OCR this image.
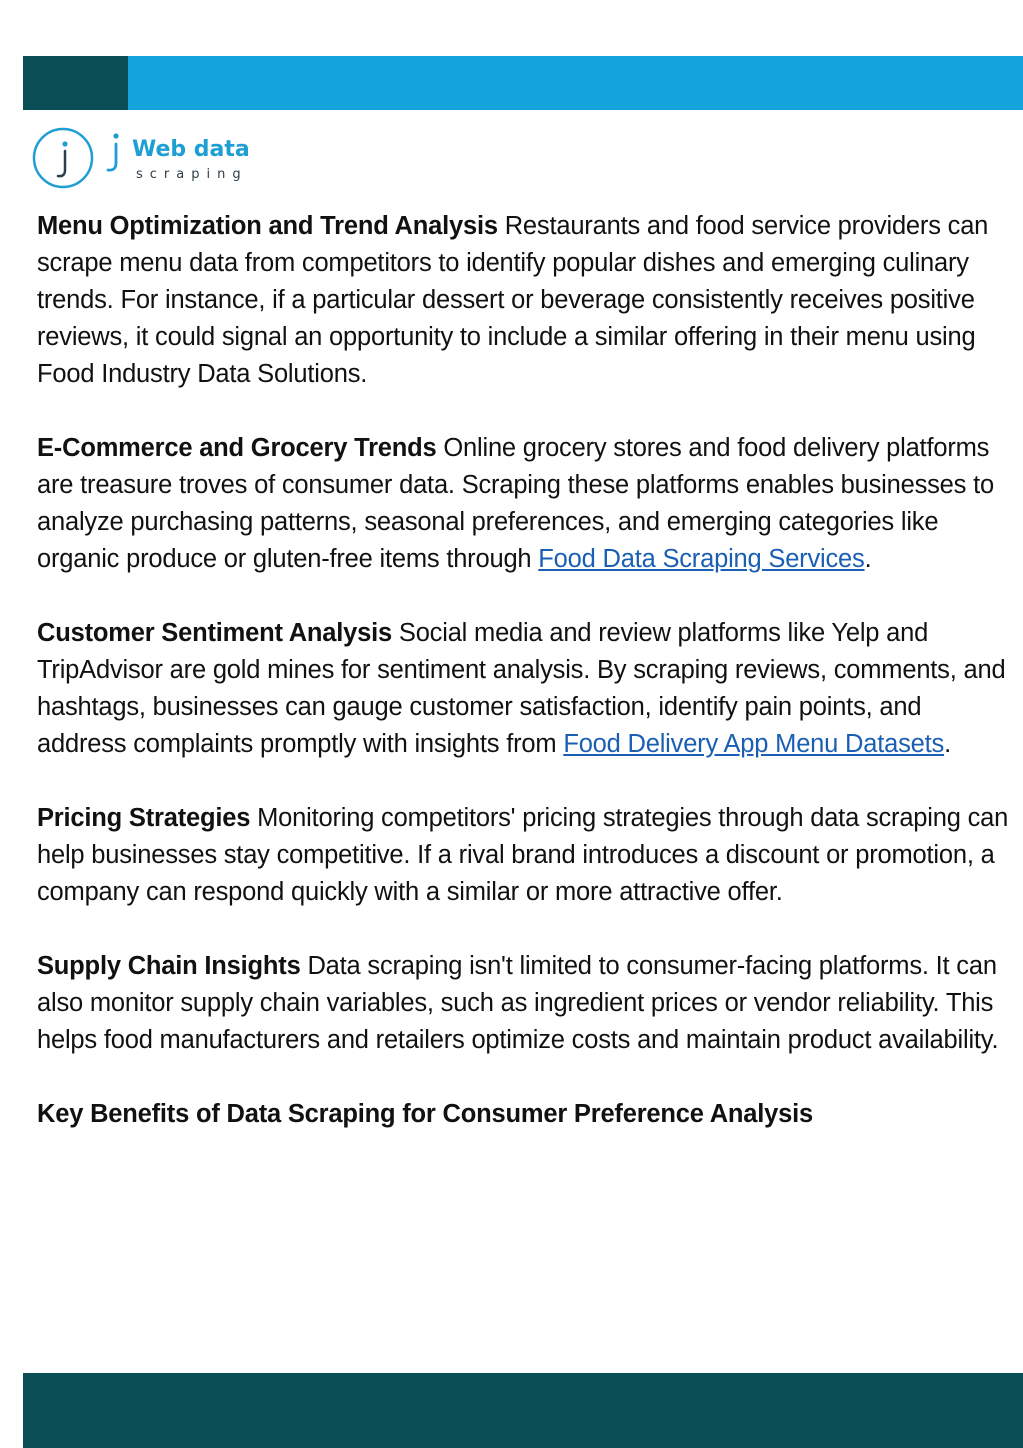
Web data
scraping

Menu Optimization and Trend Analysis Restaurants and food service providers can scrape menu data from competitors to identify popular dishes and emerging culinary trends. For instance, if a particular dessert or beverage consistently receives positive reviews, it could signal an opportunity to include a similar offering in their menu using Food Industry Data Solutions.

E-Commerce and Grocery Trends Online grocery stores and food delivery platforms are treasure troves of consumer data. Scraping these platforms enables businesses to analyze purchasing patterns, seasonal preferences, and emerging categories like organic produce or gluten-free items through Food Data Scraping Services.

Customer Sentiment Analysis Social media and review platforms like Yelp and TripAdvisor are gold mines for sentiment analysis. By scraping reviews, comments, and hashtags, businesses can gauge customer satisfaction, identify pain points, and address complaints promptly with insights from Food Delivery App Menu Datasets.

Pricing Strategies Monitoring competitors' pricing strategies through data scraping can help businesses stay competitive. If a rival brand introduces a discount or promotion, a company can respond quickly with a similar or more attractive offer.

Supply Chain Insights Data scraping isn't limited to consumer-facing platforms. It can also monitor supply chain variables, such as ingredient prices or vendor reliability. This helps food manufacturers and retailers optimize costs and maintain product availability.

Key Benefits of Data Scraping for Consumer Preference Analysis
